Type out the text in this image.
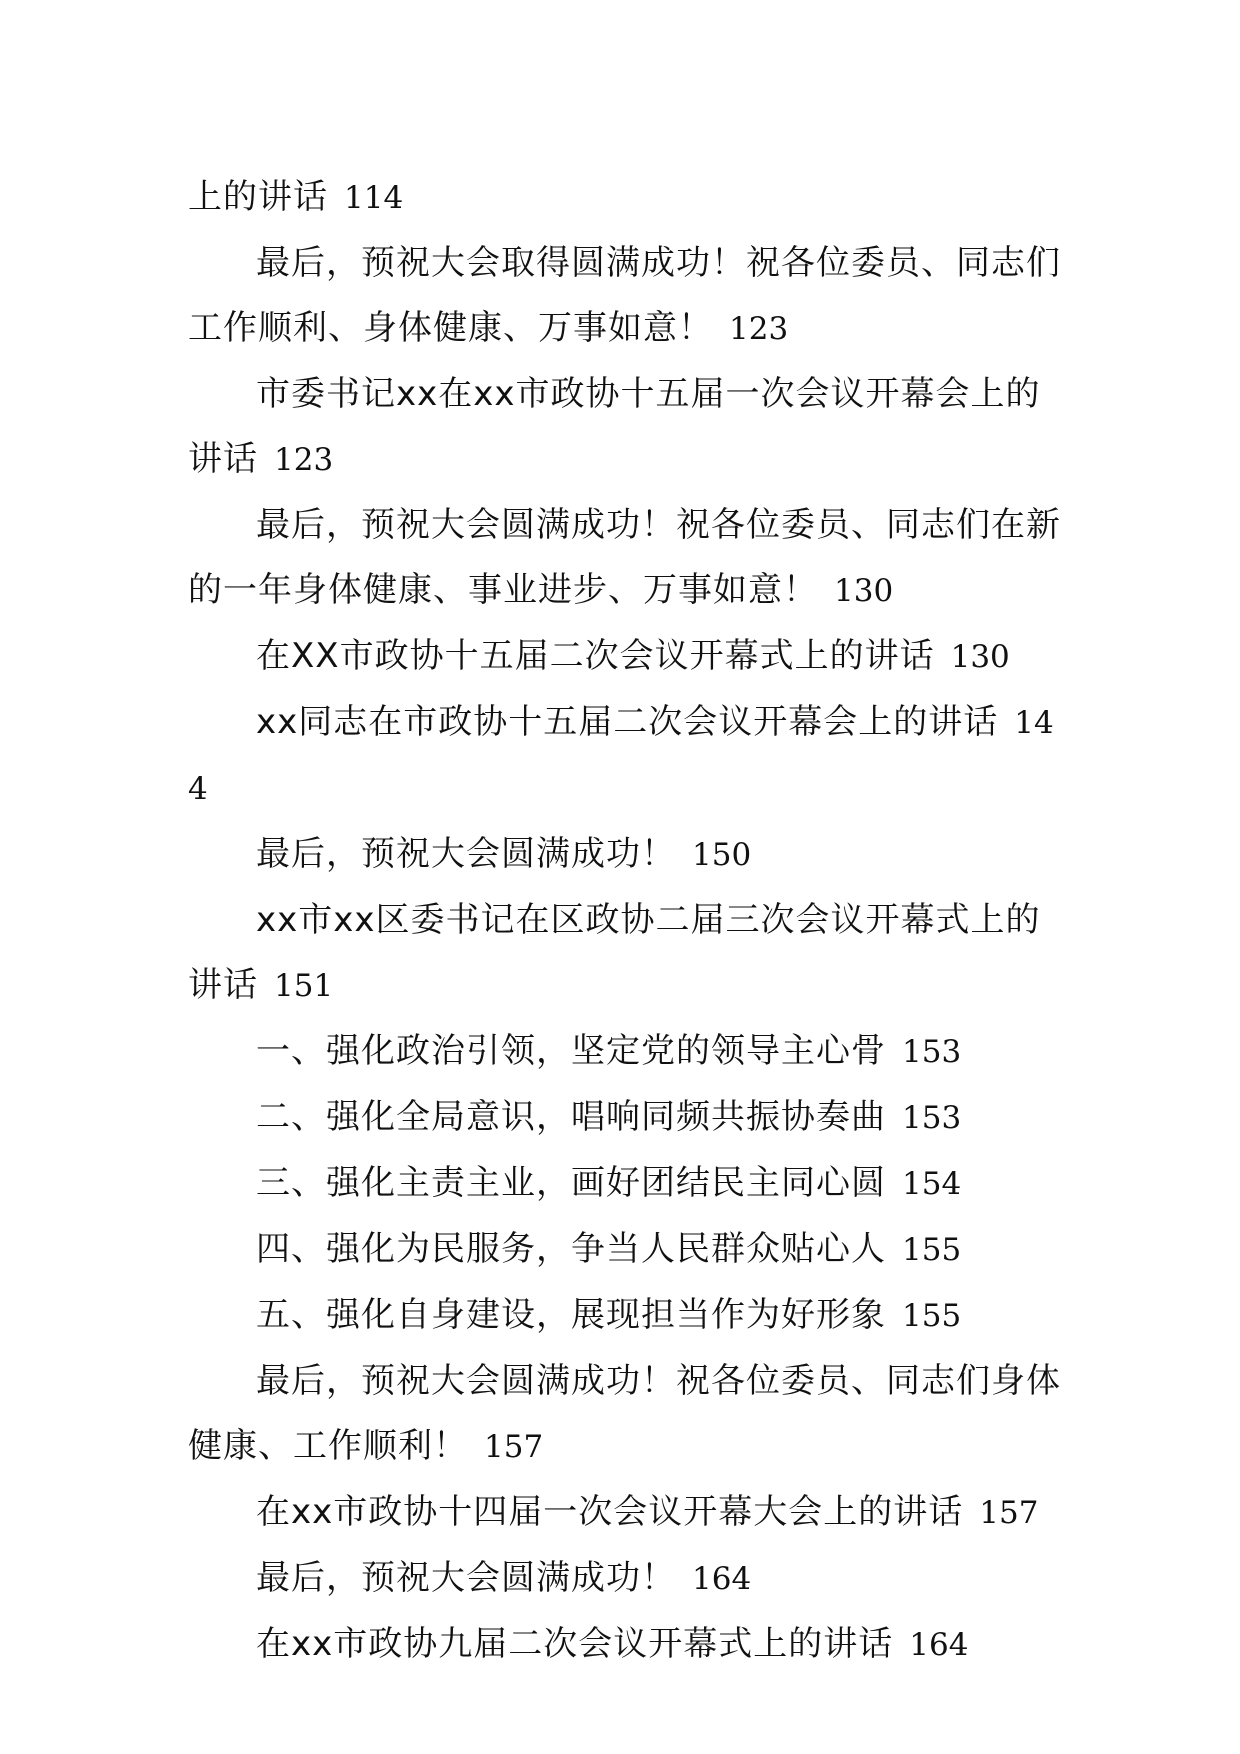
上的讲话 114
最后，预祝大会取得圆满成功！祝各位委员、同志们工作顺利、身体健康、万事如意！ 123
市委书记xx在xx市政协十五届一次会议开幕会上的讲话 123
最后，预祝大会圆满成功！祝各位委员、同志们在新的一年身体健康、事业进步、万事如意！ 130
在XX市政协十五届二次会议开幕式上的讲话 130
xx同志在市政协十五届二次会议开幕会上的讲话 144
最后，预祝大会圆满成功！ 150
xx市xx区委书记在区政协二届三次会议开幕式上的讲话 151
一、强化政治引领，坚定党的领导主心骨 153
二、强化全局意识，唱响同频共振协奏曲 153
三、强化主责主业，画好团结民主同心圆 154
四、强化为民服务，争当人民群众贴心人 155
五、强化自身建设，展现担当作为好形象 155
最后，预祝大会圆满成功！祝各位委员、同志们身体健康、工作顺利！ 157
在xx市政协十四届一次会议开幕大会上的讲话 157
最后，预祝大会圆满成功！ 164
在xx市政协九届二次会议开幕式上的讲话 164
